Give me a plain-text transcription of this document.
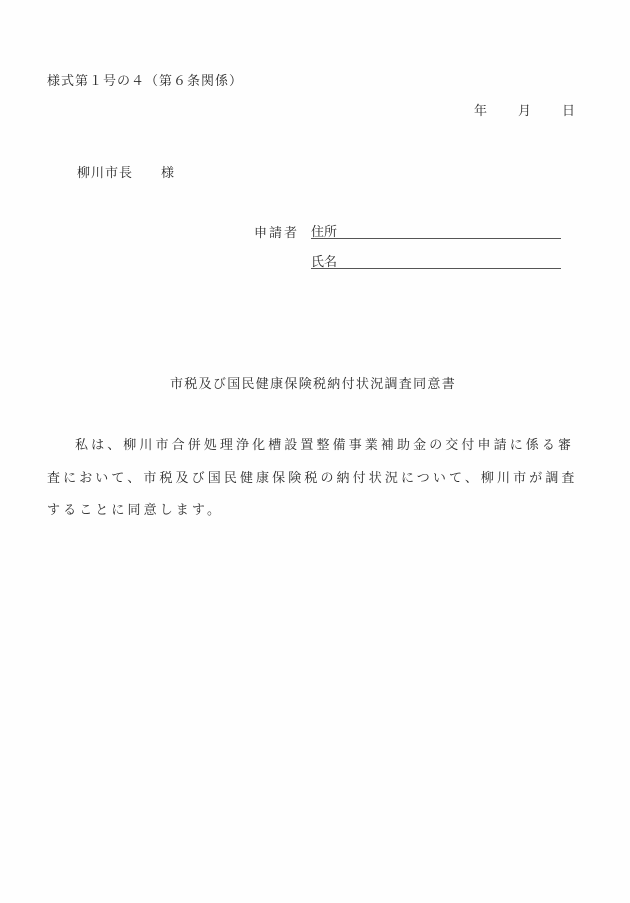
様式第１号の４（第６条関係）
年 月 日
柳川市長 様
申請者 住所
氏名
市税及び国民健康保険税納付状況調査同意書

私は、柳川市合併処理浄化槽設置整備事業補助金の交付申請に係る審査において、市税及び国民健康保険税の納付状況について、柳川市が調査することに同意します。
